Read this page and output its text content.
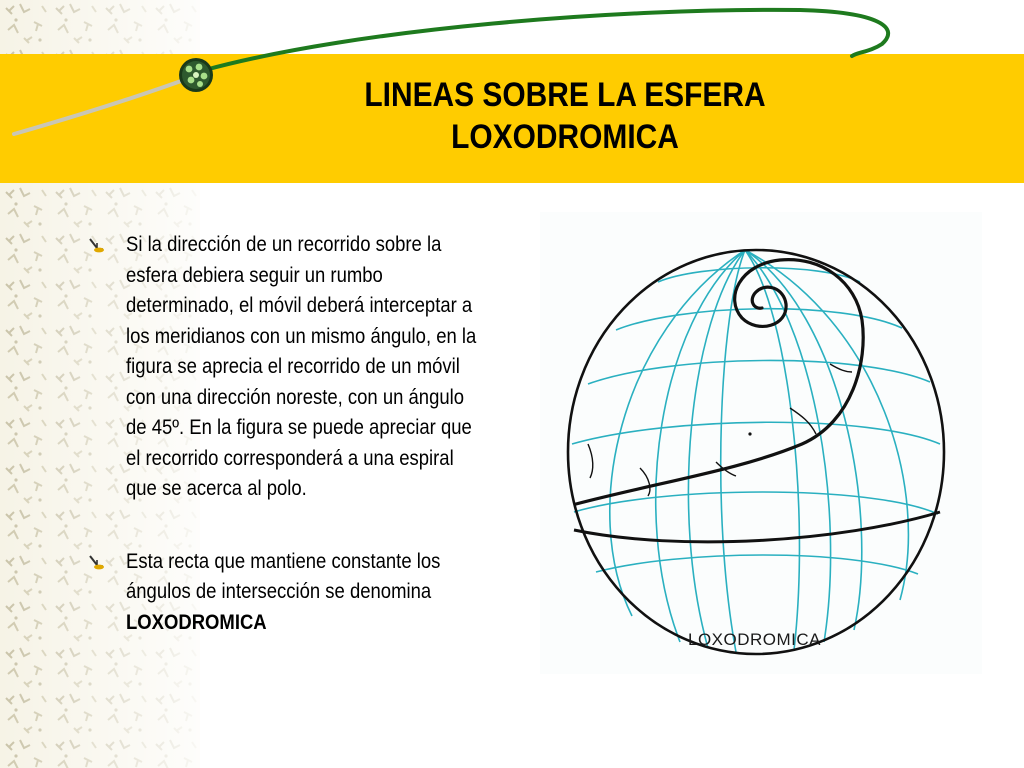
LINEAS SOBRE LA ESFERA
LOXODROMICA
Si la dirección de un recorrido sobre la esfera debiera seguir un rumbo determinado, el móvil deberá interceptar a los meridianos con un mismo ángulo, en la figura se aprecia el recorrido de un móvil con una dirección noreste, con un ángulo de 45º. En la figura se puede apreciar que el recorrido corresponderá a una espiral que se acerca al polo.
Esta recta que mantiene constante los ángulos de intersección se denomina LOXODROMICA
LOXODROMICA
